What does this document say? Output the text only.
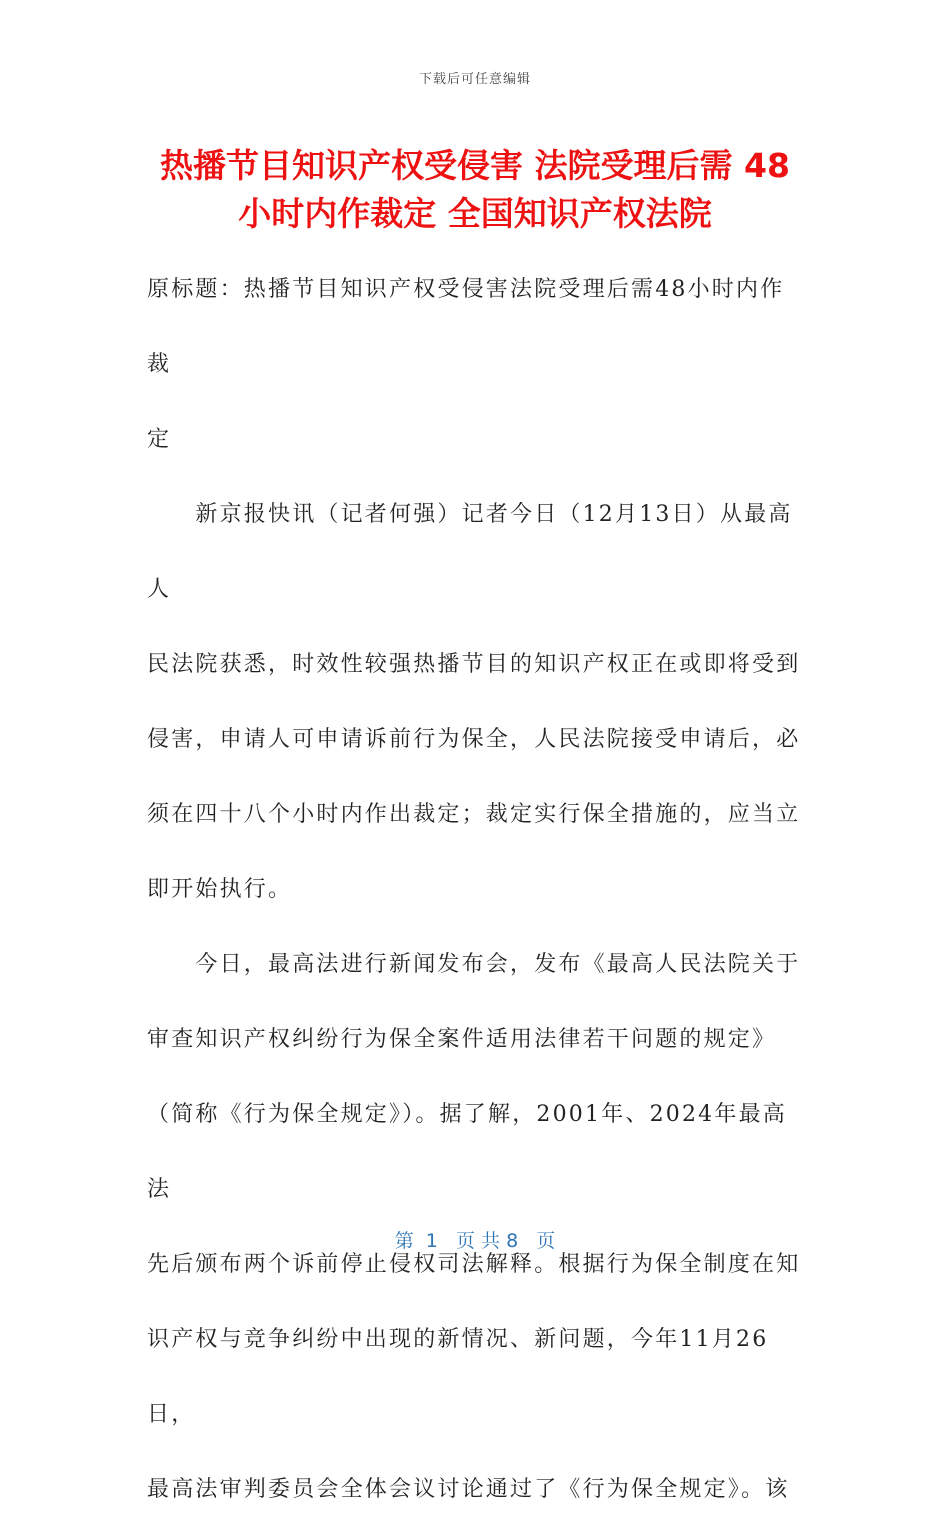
下载后可任意编辑
热播节目知识产权受侵害 法院受理后需 48
小时内作裁定 全国知识产权法院

原标题：热播节目知识产权受侵害法院受理后需48小时内作裁

定

　　新京报快讯（记者何强）记者今日（12月13日）从最高人

民法院获悉，时效性较强热播节目的知识产权正在或即将受到

侵害，申请人可申请诉前行为保全，人民法院接受申请后，必

须在四十八个小时内作出裁定；裁定实行保全措施的，应当立

即开始执行。

　　今日，最高法进行新闻发布会，发布《最高人民法院关于

审查知识产权纠纷行为保全案件适用法律若干问题的规定》

（简称《行为保全规定》）。据了解，2001年、2024年最高法

先后颁布两个诉前停止侵权司法解释。根据行为保全制度在知

识产权与竞争纠纷中出现的新情况、新问题，今年11月26日，

最高法审判委员会全体会议讨论通过了《行为保全规定》。该

第  1   页 共 8   页
